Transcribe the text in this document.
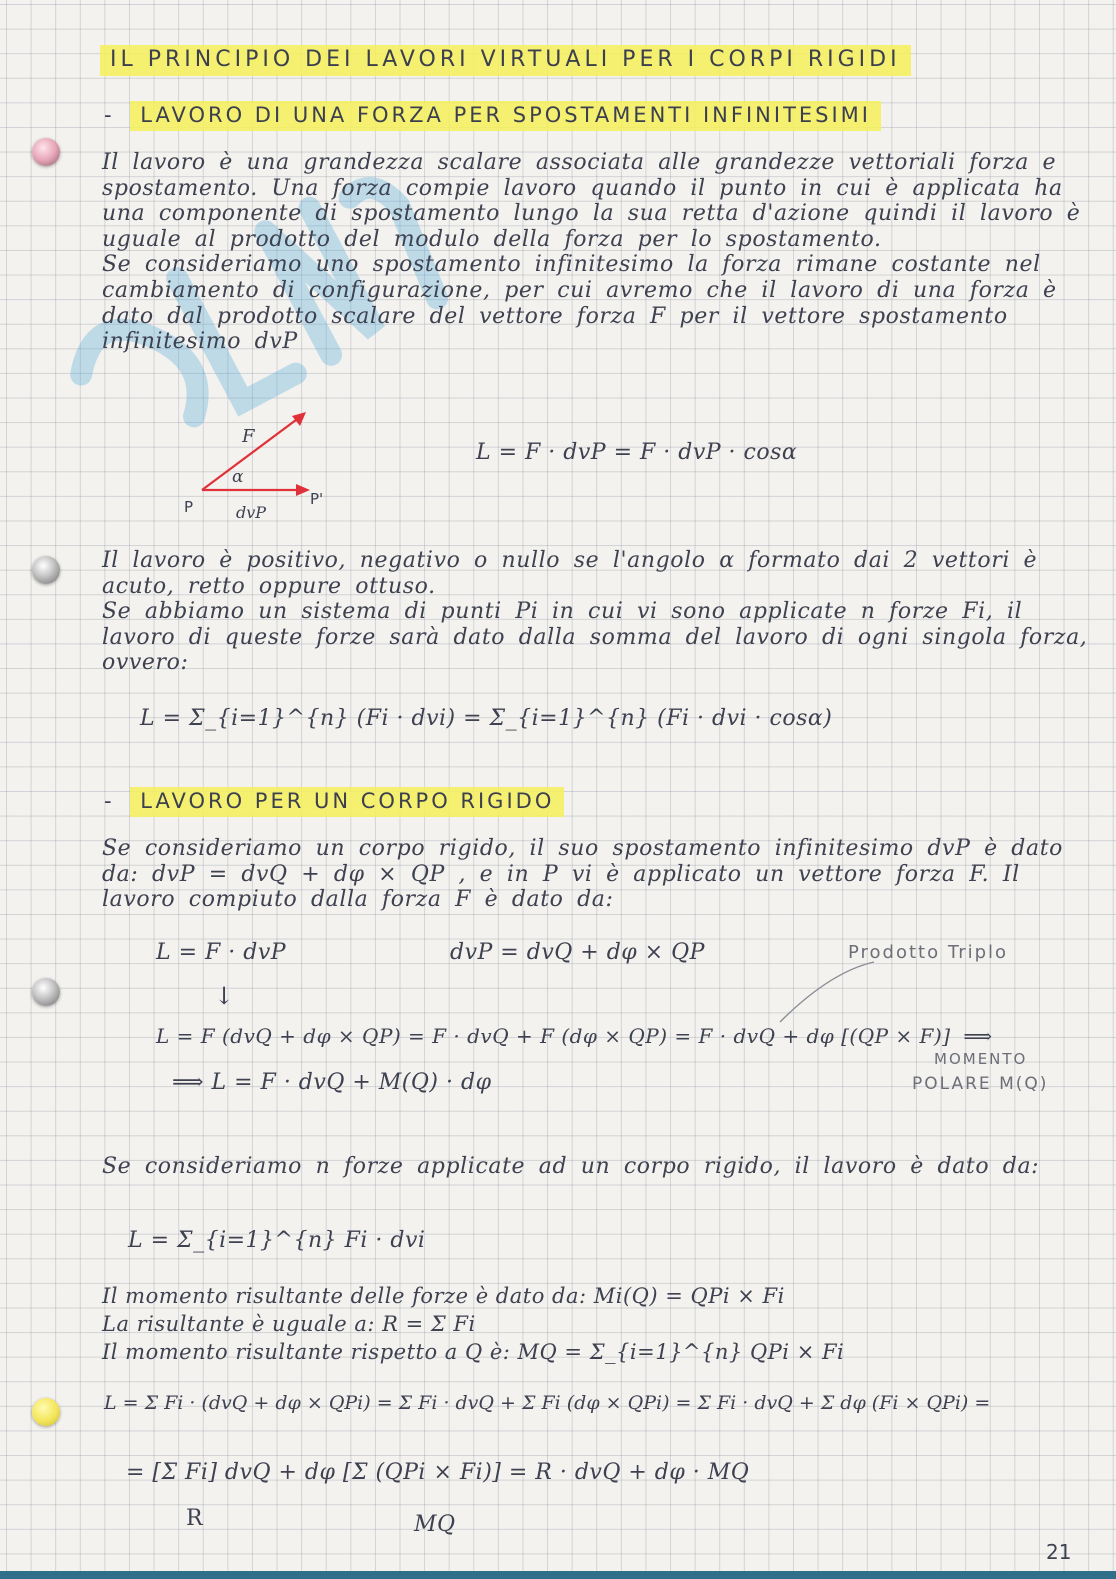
IL PRINCIPIO DEI LAVORI VIRTUALI PER I CORPI RIGIDI
- LAVORO DI UNA FORZA PER SPOSTAMENTI INFINITESIMI

Il lavoro è una grandezza scalare associata alle grandezze vettoriali forza e spostamento. Una forza compie lavoro quando il punto in cui è applicata ha una componente di spostamento lungo la sua retta d'azione quindi il lavoro è uguale al prodotto del modulo della forza per lo spostamento.

Se consideriamo uno spostamento infinitesimo la forza rimane costante nel cambiamento di configurazione, per cui avremo che il lavoro di una forza è dato dal prodotto scalare del vettore forza F per il vettore spostamento infinitesimo dvP

F
α
P	P'
dvP
L = F · dvP = F · dvP · cosα

Il lavoro è positivo, negativo o nullo se l'angolo α formato dai 2 vettori è acuto, retto oppure ottuso.

Se abbiamo un sistema di punti Pi in cui vi sono applicate n forze Fi, il lavoro di queste forze sarà dato dalla somma del lavoro di ogni singola forza, ovvero:

L = Σ_{i=1}^{n} (Fi · dvi) = Σ_{i=1}^{n} (Fi · dvi · cosα)
- LAVORO PER UN CORPO RIGIDO

Se consideriamo un corpo rigido, il suo spostamento infinitesimo dvP è dato da: dvP = dvQ + dφ × QP , e in P vi è applicato un vettore forza F. Il lavoro compiuto dalla forza F è dato da:

L = F · dvP	dvP = dvQ + dφ × QP	Prodotto Triplo
↓
L = F (dvQ + dφ × QP) = F · dvQ + F (dφ × QP) = F · dvQ + dφ [(QP × F)] ⟹
MOMENTO
POLARE M(Q)
⟹ L = F · dvQ + M(Q) · dφ

Se consideriamo n forze applicate ad un corpo rigido, il lavoro è dato da:

L = Σ_{i=1}^{n} Fi · dvi
Il momento risultante delle forze è dato da: Mi(Q) = QPi × Fi
La risultante è uguale a: R = Σ Fi
Il momento risultante rispetto a Q è: MQ = Σ_{i=1}^{n} QPi × Fi
L = Σ Fi · (dvQ + dφ × QPi) = Σ Fi · dvQ + Σ Fi (dφ × QPi) = Σ Fi · dvQ + Σ dφ (Fi × QPi) =
= [Σ Fi] dvQ + dφ [Σ (QPi × Fi)] = R · dvQ + dφ · MQ
R	MQ
21
